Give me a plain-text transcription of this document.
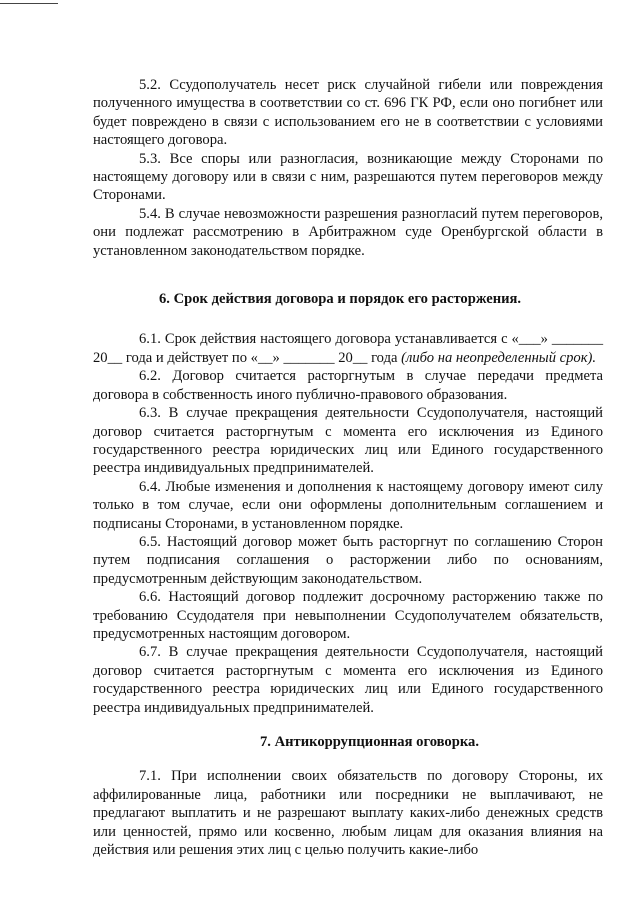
5.2. Ссудополучатель несет риск случайной гибели или повреждения полученного имущества в соответствии со ст. 696 ГК РФ, если оно погибнет или будет повреждено в связи с использованием его не в соответствии с условиями настоящего договора.

5.3. Все споры или разногласия, возникающие между Сторонами по настоящему договору или в связи с ним, разрешаются путем переговоров между Сторонами.

5.4. В случае невозможности разрешения разногласий путем переговоров, они подлежат рассмотрению в Арбитражном суде Оренбургской области в установленном законодательством порядке.

6. Срок действия договора и порядок его расторжения.

6.1. Срок действия настоящего договора устанавливается с «___» _______ 20__ года и действует по «__» _______ 20__ года (либо на неопределенный срок).

6.2. Договор считается расторгнутым в случае передачи предмета договора в собственность иного публично-правового образования.

6.3. В случае прекращения деятельности Ссудополучателя, настоящий договор считается расторгнутым с момента его исключения из Единого государственного реестра юридических лиц или Единого государственного реестра индивидуальных предпринимателей.

6.4. Любые изменения и дополнения к настоящему договору имеют силу только в том случае, если они оформлены дополнительным соглашением и подписаны Сторонами, в установленном порядке.

6.5. Настоящий договор может быть расторгнут по соглашению Сторон путем подписания соглашения о расторжении либо по основаниям, предусмотренным действующим законодательством.

6.6. Настоящий договор подлежит досрочному расторжению также по требованию Ссудодателя при невыполнении Ссудополучателем обязательств, предусмотренных настоящим договором.

6.7. В случае прекращения деятельности Ссудополучателя, настоящий договор считается расторгнутым с момента его исключения из Единого государственного реестра юридических лиц или Единого государственного реестра индивидуальных предпринимателей.

7. Антикоррупционная оговорка.

7.1. При исполнении своих обязательств по договору Стороны, их аффилированные лица, работники или посредники не выплачивают, не предлагают выплатить и не разрешают выплату каких-либо денежных средств или ценностей, прямо или косвенно, любым лицам для оказания влияния на действия или решения этих лиц с целью получить какие-либо
